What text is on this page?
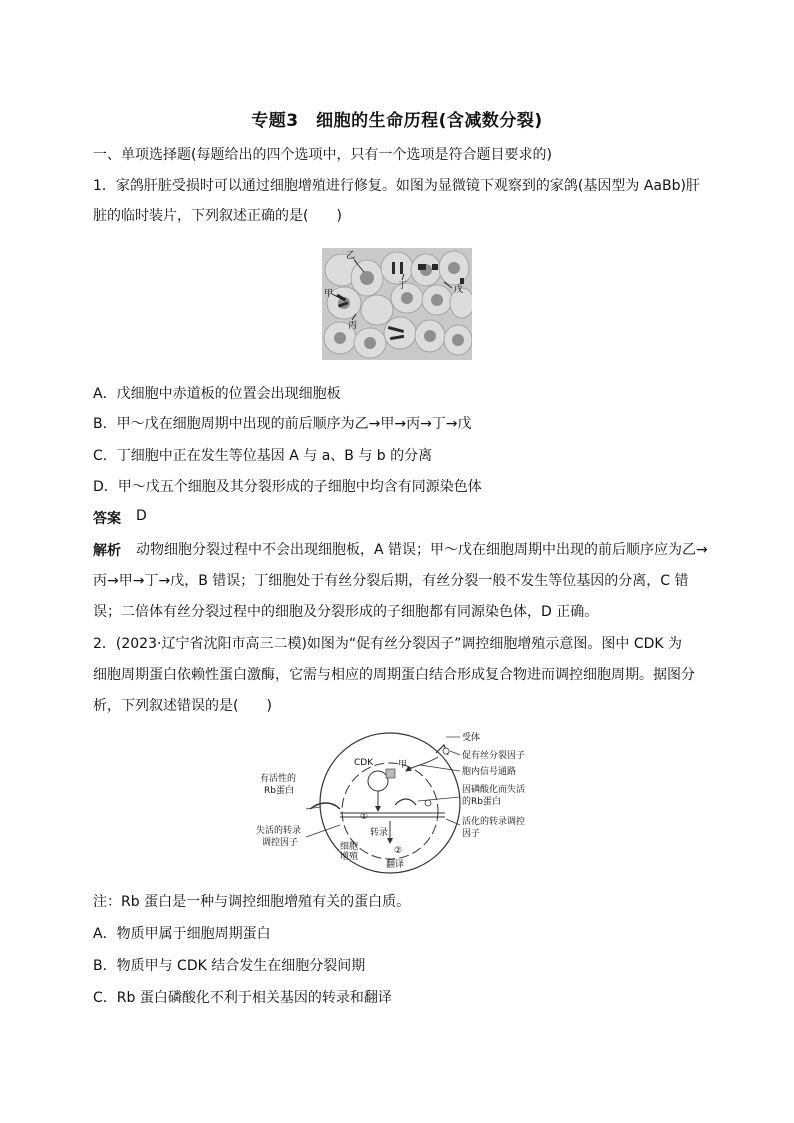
专题3　细胞的生命历程(含减数分裂)
一、单项选择题(每题给出的四个选项中，只有一个选项是符合题目要求的)
1．家鸽肝脏受损时可以通过细胞增殖进行修复。如图为显微镜下观察到的家鸽(基因型为 AaBb)肝
脏的临时装片，下列叙述正确的是(　　)
甲
乙
丙
丁	戊
A．戊细胞中赤道板的位置会出现细胞板
B．甲～戊在细胞周期中出现的前后顺序为乙→甲→丙→丁→戊
C．丁细胞中正在发生等位基因 A 与 a、B 与 b 的分离
D．甲～戊五个细胞及其分裂形成的子细胞中均含有同源染色体
答案 D
解析 动物细胞分裂过程中不会出现细胞板，A 错误；甲～戊在细胞周期中出现的前后顺序应为乙→
丙→甲→丁→戊，B 错误；丁细胞处于有丝分裂后期，有丝分裂一般不发生等位基因的分离，C 错
误；二倍体有丝分裂过程中的细胞及分裂形成的子细胞都有同源染色体，D 正确。
2．(2023·辽宁省沈阳市高三二模)如图为“促有丝分裂因子”调控细胞增殖示意图。图中 CDK 为
细胞周期蛋白依赖性蛋白激酶，它需与相应的周期蛋白结合形成复合物进而调控细胞周期。据图分
析，下列叙述错误的是(　　)
受体
促有丝分裂因子
胞内信号通路
因磷酸化而失活
的Rb蛋白
活化的转录调控
因子
有活性的
Rb蛋白
失活的转录
调控因子
CDK	甲
①
转录
细胞
增殖
②
翻译
注：Rb 蛋白是一种与调控细胞增殖有关的蛋白质。
A．物质甲属于细胞周期蛋白
B．物质甲与 CDK 结合发生在细胞分裂间期
C．Rb 蛋白磷酸化不利于相关基因的转录和翻译
